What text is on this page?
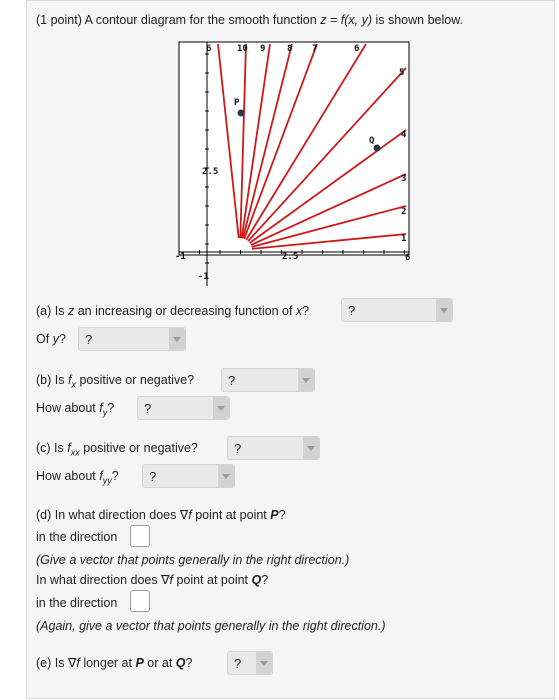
(1 point) A contour diagram for the smooth function z = f(x, y) is shown below.
6	10 9 8 7	6
5
4
3
2
1
-1	2.5	6
2.5
-1
P
Q
(a) Is z an increasing or decreasing function of x?	?
Of y? ?
(b) Is $f_x$ positive or negative?	?
How about $f_y$? ?
(c) Is $f_{xx}$ positive or negative?	?
How about $f_{yy}$? ?
(d) In what direction does ∇f point at point P?
in the direction
(Give a vector that points generally in the right direction.)
In what direction does ∇f point at point Q?
in the direction
(Again, give a vector that points generally in the right direction.)
(e) Is ∇f longer at P or at Q?	?
